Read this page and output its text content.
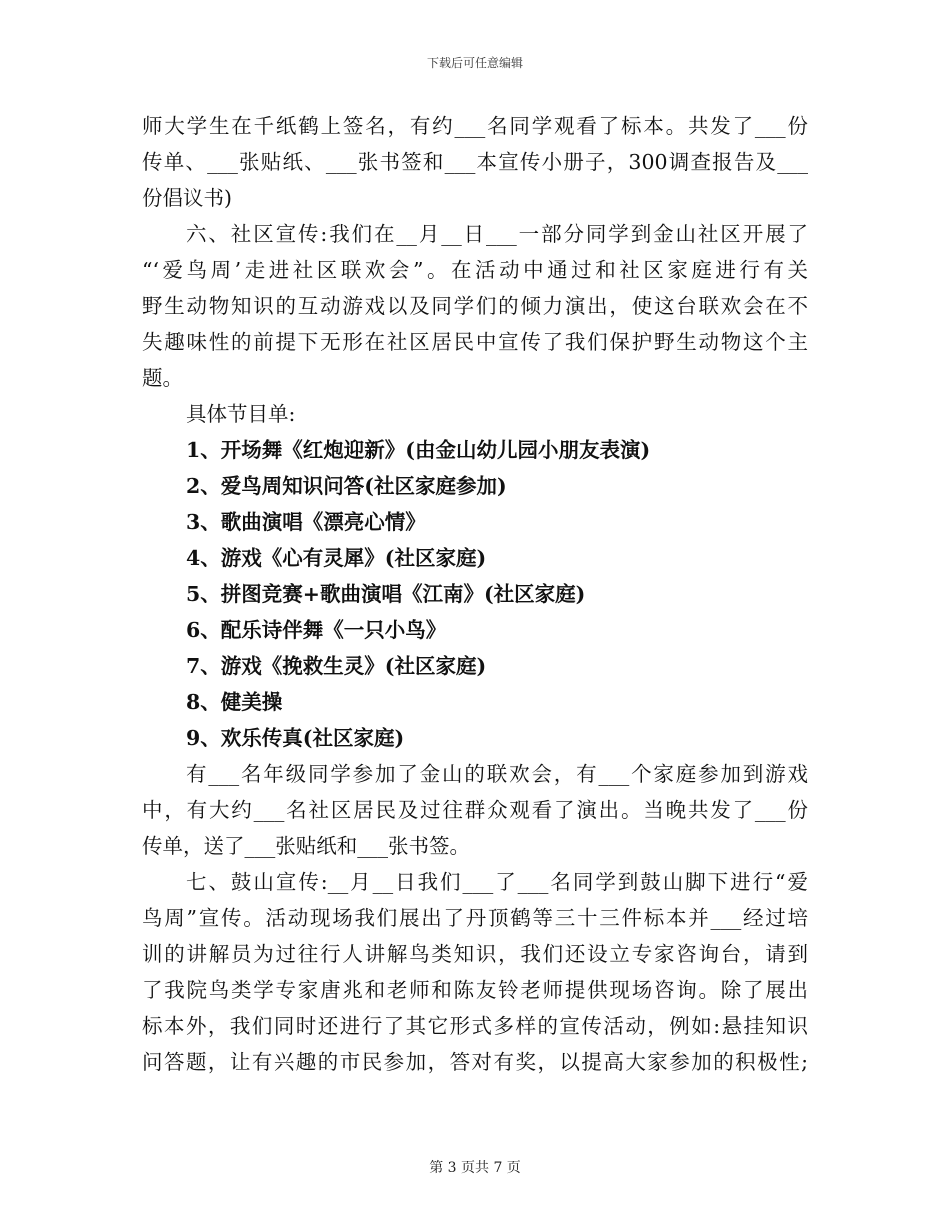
下载后可任意编辑
师大学生在千纸鹤上签名，有约___名同学观看了标本。共发了___份
传单、___张贴纸、___张书签和___本宣传小册子，300调查报告及___
份倡议书)
六、社区宣传:我们在__月__日___一部分同学到金山社区开展了
“‘爱鸟周’走进社区联欢会”。在活动中通过和社区家庭进行有关
野生动物知识的互动游戏以及同学们的倾力演出，使这台联欢会在不
失趣味性的前提下无形在社区居民中宣传了我们保护野生动物这个主
题。
具体节目单:
1、开场舞《红炮迎新》(由金山幼儿园小朋友表演)
2、爱鸟周知识问答(社区家庭参加)
3、歌曲演唱《漂亮心情》
4、游戏《心有灵犀》(社区家庭)
5、拼图竞赛+歌曲演唱《江南》(社区家庭)
6、配乐诗伴舞《一只小鸟》
7、游戏《挽救生灵》(社区家庭)
8、健美操
9、欢乐传真(社区家庭)
有___名年级同学参加了金山的联欢会，有___个家庭参加到游戏
中，有大约___名社区居民及过往群众观看了演出。当晚共发了___份
传单，送了___张贴纸和___张书签。
七、鼓山宣传:__月__日我们___了___名同学到鼓山脚下进行“爱
鸟周”宣传。活动现场我们展出了丹顶鹤等三十三件标本并___经过培
训的讲解员为过往行人讲解鸟类知识，我们还设立专家咨询台，请到
了我院鸟类学专家唐兆和老师和陈友铃老师提供现场咨询。除了展出
标本外，我们同时还进行了其它形式多样的宣传活动，例如:悬挂知识
问答题，让有兴趣的市民参加，答对有奖，以提高大家参加的积极性;
第 3 页共 7 页
